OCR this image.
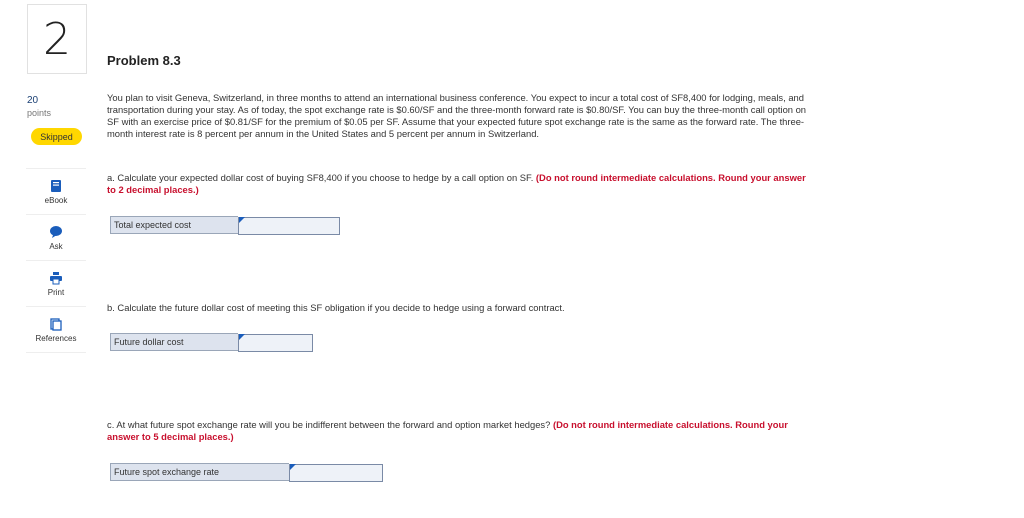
2
20
points
Skipped
eBook
Ask
Print
References
Problem 8.3
You plan to visit Geneva, Switzerland, in three months to attend an international business conference. You expect to incur a total cost of SF8,400 for lodging, meals, and transportation during your stay. As of today, the spot exchange rate is $0.60/SF and the three-month forward rate is $0.80/SF. You can buy the three-month call option on SF with an exercise price of $0.81/SF for the premium of $0.05 per SF. Assume that your expected future spot exchange rate is the same as the forward rate. The three-month interest rate is 8 percent per annum in the United States and 5 percent per annum in Switzerland.
a. Calculate your expected dollar cost of buying SF8,400 if you choose to hedge by a call option on SF. (Do not round intermediate calculations. Round your answer to 2 decimal places.)
Total expected cost
b. Calculate the future dollar cost of meeting this SF obligation if you decide to hedge using a forward contract.
Future dollar cost
c. At what future spot exchange rate will you be indifferent between the forward and option market hedges? (Do not round intermediate calculations. Round your answer to 5 decimal places.)
Future spot exchange rate
